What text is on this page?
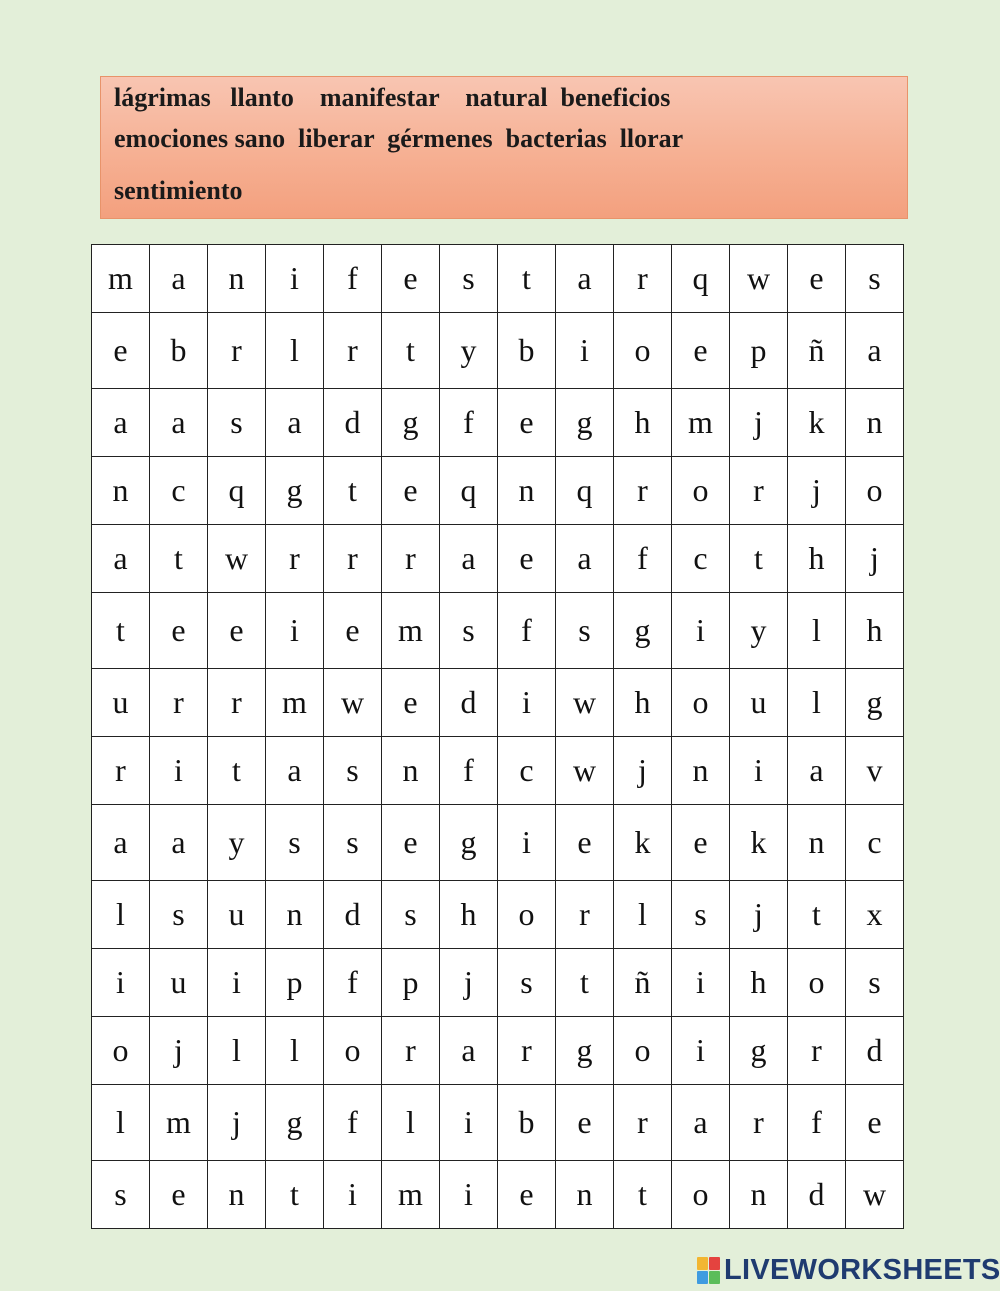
lágrimas   llanto    manifestar    natural  beneficios
emociones sano  liberar  gérmenes  bacterias  llorar
sentimiento
m	a	n	i	f	e	s	t	a	r	q	w	e	s
e	b	r	l	r	t	y	b	i	o	e	p	ñ	a
a	a	s	a	d	g	f	e	g	h	m	j	k	n
n	c	q	g	t	e	q	n	q	r	o	r	j	o
a	t	w	r	r	r	a	e	a	f	c	t	h	j
t	e	e	i	e	m	s	f	s	g	i	y	l	h
u	r	r	m	w	e	d	i	w	h	o	u	l	g
r	i	t	a	s	n	f	c	w	j	n	i	a	v
a	a	y	s	s	e	g	i	e	k	e	k	n	c
l	s	u	n	d	s	h	o	r	l	s	j	t	x
i	u	i	p	f	p	j	s	t	ñ	i	h	o	s
o	j	l	l	o	r	a	r	g	o	i	g	r	d
l	m	j	g	f	l	i	b	e	r	a	r	f	e
s	e	n	t	i	m	i	e	n	t	o	n	d	w
LIVEWORKSHEETS
